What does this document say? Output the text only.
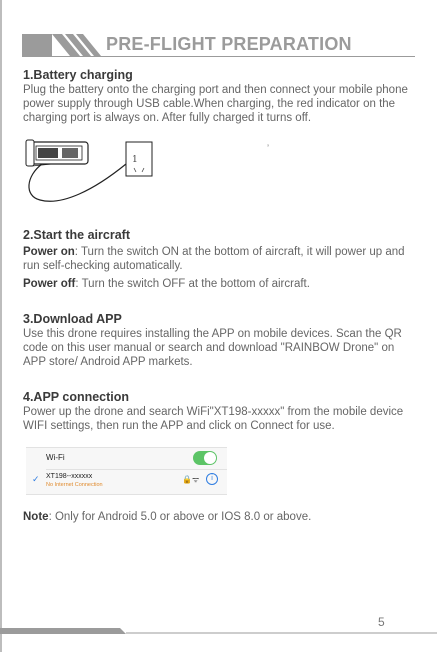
PRE-FLIGHT PREPARATION
1.Battery charging

Plug the battery onto the charging port and then connect your mobile phone power supply through USB cable.When charging, the red indicator on the charging port is always on. After fully charged it turns off.

1
’
2.Start the aircraft

Power on: Turn the switch ON at the bottom of aircraft, it will power up and run self-checking automatically.

Power off: Turn the switch OFF at the bottom of aircraft.

3.Download APP

Use this drone requires installing the APP on mobile devices. Scan the QR code on this user manual or search and download "RAINBOW Drone" on APP store/ Android APP markets.

4.APP connection

Power up the drone and search WiFi"XT198-xxxxx" from the mobile device WIFI settings, then run the APP and click on Connect for use.

Wi-Fi
✓ XT198--xxxxxx
No Internet Connection
🔒 ᯤ	i

Note: Only for Android 5.0 or above or IOS 8.0 or above.

5
